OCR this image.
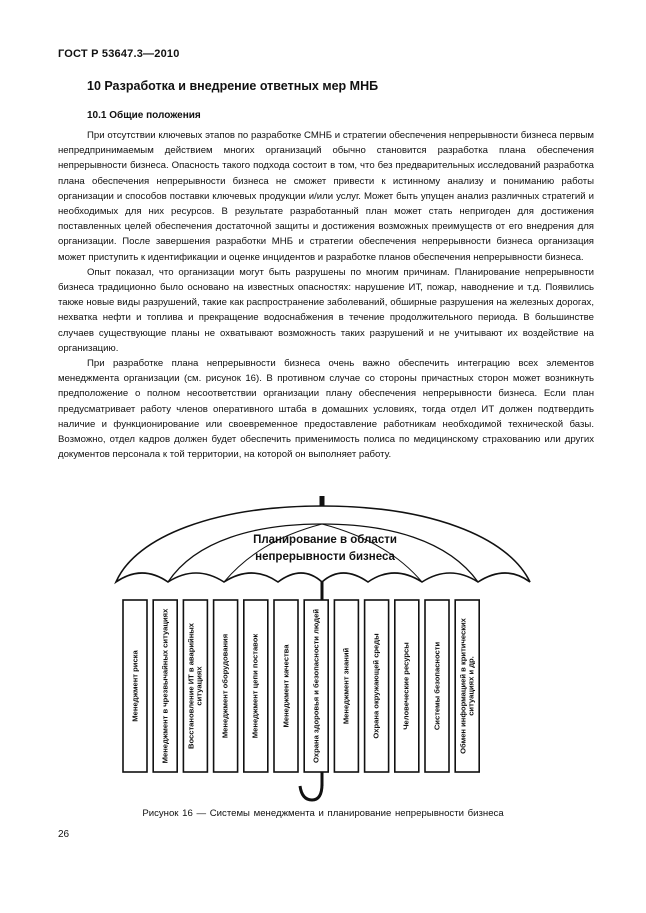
ГОСТ Р 53647.3—2010
10 Разработка и внедрение ответных мер МНБ
10.1 Общие положения

При отсутствии ключевых этапов по разработке СМНБ и стратегии обеспечения непрерывности бизнеса первым непредпринимаемым действием многих организаций обычно становится разработка плана обеспечения непрерывности бизнеса. Опасность такого подхода состоит в том, что без предварительных исследований разработка плана обеспечения непрерывности бизнеса не сможет привести к истинному анализу и пониманию работы организации и способов поставки ключевых продукции и/или услуг. Может быть упущен анализ различных стратегий и необходимых для них ресурсов. В результате разработанный план может стать непригоден для достижения поставленных целей обеспечения достаточной защиты и достижения возможных преимуществ от его внедрения для организации. После завершения разработки МНБ и стратегии обеспечения непрерывности бизнеса организация может приступить к идентификации и оценке инцидентов и разработке планов обеспечения непрерывности бизнеса.

Опыт показал, что организации могут быть разрушены по многим причинам. Планирование непрерывности бизнеса традиционно было основано на известных опасностях: нарушение ИТ, пожар, наводнение и т.д. Появились также новые виды разрушений, такие как распространение заболеваний, обширные разрушения на железных дорогах, нехватка нефти и топлива и прекращение водоснабжения в течение продолжительного периода. В большинстве случаев существующие планы не охватывают возможность таких разрушений и не учитывают их воздействие на организацию.

При разработке плана непрерывности бизнеса очень важно обеспечить интеграцию всех элементов менеджмента организации (см. рисунок 16). В противном случае со стороны причастных сторон может возникнуть предположение о полном несоответствии организации плану обеспечения непрерывности бизнеса. Если план предусматривает работу членов оперативного штаба в домашних условиях, тогда отдел ИТ должен подтвердить наличие и функционирование или своевременное предоставление работникам необходимой технической базы. Возможно, отдел кадров должен будет обеспечить применимость полиса по медицинскому страхованию или других документов персонала к той территории, на которой он выполняет работу.

Планирование в области непрерывности бизнеса
Менеджмент риска	Менеджмент в чрезвычайных ситуациях	Восстановление ИТ в аварийных ситуациях Менеджмент оборудования	Менеджмент цепи поставок	Менеджмент качества	Охрана здоровья и безопасности людей	Менеджмент знаний	Охрана окружающей среды	Человеческие ресурсы	Системы безопасности	Обмен информацией в критических ситуациях и др.
Рисунок 16 — Системы менеджмента и планирование непрерывности бизнеса
26
